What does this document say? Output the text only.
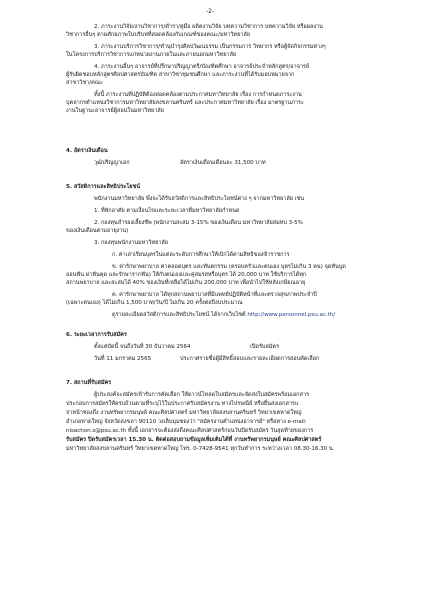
-2-
2. ภาระงานวิจัย/งานวิชาการ/ตำรา/คู่มือ ผลิตงานวิจัย บทความวิชาการ บทความวิจัย หรือผลงาน
วิชาการอื่นๆ ตามศักยภาพในบริบทที่สอดคล้องกับเกณฑ์ของคณะ/มหาวิทยาลัย
3. ภาระงานบริการวิชาการ/ทำนุบำรุงศิลปวัฒนธรรม เป็นกรรมการ วิทยากร หรือผู้จัดกิจกรรมต่างๆ
ในโครงการบริการวิชาการแก่หน่วยงานภายในและภายนอกมหาวิทยาลัย
4. ภาระงานอื่นๆ อาจารย์ที่ปรึกษาปริญญาตรี/บัณฑิตศึกษา อาจารย์ประจำหลักสูตร/อาจารย์
ผู้รับผิดชอบหลักสูตรศิลปศาสตรบัณฑิต สาขาวิชาชุมชนศึกษา และภาระงานที่ได้รับมอบหมายจาก
สาขาวิชา/คณะ
ทั้งนี้ ภาระงานที่ปฏิบัติต้องสอดคล้องตามประกาศมหาวิทยาลัย เรื่อง การกำหนดภาระงาน
บุคลากรตำแหน่งวิชาการมหาวิทยาลัยสงขลานครินทร์ และประกาศมหาวิทยาลัย เรื่อง มาตรฐานภาระ
งานในฐานะอาจารย์ผู้สอนในมหาวิทยาลัย
4. อัตราเงินเดือน
วุฒิปริญญาเอก	อัตราเงินเดือนเดือนละ 31,500 บาท
5. สวัสดิการและสิทธิประโยชน์
พนักงานมหาวิทยาลัย พึงจะได้รับสวัสดิการและสิทธิประโยชน์ต่าง ๆ จากมหาวิทยาลัย เช่น
1. ที่พักอาศัย ตามเงื่อนไขและระยะเวลาที่มหาวิทยาลัยกำหนด
2. กองทุนสำรองเลี้ยงชีพ (พนักงานสะสม 3-15% ของเงินเดือน มหาวิทยาลัยสมทบ 3-5%
ของเงินเดือนตามอายุงาน)
3. กองทุนพนักงานมหาวิทยาลัย
ก. ค่าเล่าเรียนบุตรในแต่ละระดับการศึกษาให้เบิกได้ตามสิทธิของข้าราชการ
ข. ค่ารักษาพยาบาล ค่าคลอดบุตร และทันตกรรม (ครอบครัวและตนเอง บุตรไม่เกิน 3 คน) จุดทันบูด
ออนฟัน ผ่าฟันคุด และรักษารากฟัน) ให้กับตนเองและคู่สมรสหรือบุตร ได้ 20,000 บาท ใช้บริการได้ทุก
สถานพยาบาล และสะสมได้ 40% ของเงินที่เหลือได้ไม่เกิน 200,000 บาท เพื่อนำไปใช้หลังเกษียณอายุ
ค. ค่ารักษาพยาบาล ได้ทุกสถานพยาบาลที่มีแพทย์ปฏิบัติหน้าที่และตรวจสุขภาพประจำปี
(เฉพาะตนเอง) ได้ไม่เกิน 1,500 บาท/วัน/ปี ไม่เกิน 20 ครั้งต่อปีงบประมาณ
ดูรายละเอียดสวัสดิการและสิทธิประโยชน์ ได้จากเว็บไซต์ http://www.personnel.psu.ac.th/
6. ระยะเวลาการรับสมัคร
ตั้งแต่บัดนี้ จนถึงวันที่ 30 ธันวาคม 2564	เปิดรับสมัคร
วันที่ 11 มกราคม 2565	ประกาศรายชื่อผู้มีสิทธิ์สอบและรายละเอียดการสอบคัดเลือก
7. สถานที่รับสมัคร
ผู้ประสงค์จะสมัครเข้ารับการคัดเลือก ให้ดาวน์โหลดใบสมัครและจัดส่งใบสมัครพร้อมเอกสาร
ประกอบการสมัครให้ครบถ้วนตามที่ระบุไว้ในประกาศรับสมัครงาน ทางไปรษณีย์ หรือยื่นส่งเอกสารแ
จ่าหน้าซองถึง งานทรัพยากรมนุษย์ คณะศิลปศาสตร์ มหาวิทยาลัยสงขลานครินทร์ วิทยาเขตหาดใหญ่
อำเภอหาดใหญ่ จังหวัดสงขลา 90110 วงเล็บมุมซองว่า "สมัครงานตำแหน่งอาจารย์" หรือทาง e-mail:
nisachon.s@psu.ac.th ทั้งนี้ เอกสารจะต้องส่งถึงคณะศิลปศาสตร์ก่อนวันปิดรับสมัคร วันสุดท้ายของการ
รับสมัคร ปิดรับสมัครเวลา 15.30 น. ติดต่อสอบถามข้อมูลเพิ่มเติมได้ที่ งานทรัพยากรมนุษย์ คณะศิลปศาสตร์
มหาวิทยาลัยสงขลานครินทร์ วิทยาเขตหาดใหญ่ โทร. 0-7428-9541 ทุกวันทำการ ระหว่างเวลา 08.30-16.30 น.
